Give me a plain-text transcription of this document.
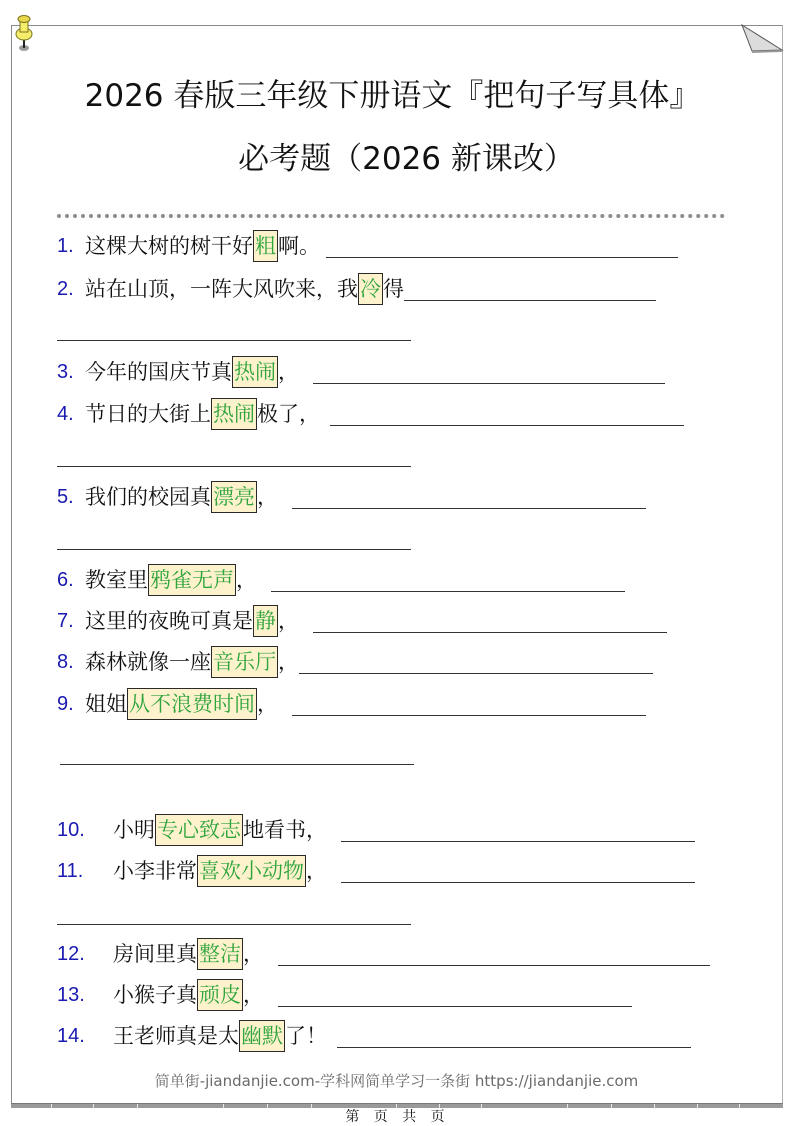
2026 春版三年级下册语文『把句子写具体』
必考题（2026 新课改）
1. 这棵大树的树干好 粗 啊。
2. 站在山顶，一阵大风吹来，我 冷 得
3. 今年的国庆节真 热闹 ，
4. 节日的大街上 热闹 极了，
5. 我们的校园真 漂亮 ，
6. 教室里 鸦雀无声 ，
7. 这里的夜晚可真是 静 ，
8. 森林就像一座 音乐厅 ，
9. 姐姐 从不浪费时间 ，
10.	小明 专心致志 地看书，
11.	小李非常 喜欢小动物 ，
12.	房间里真 整洁 ，
13.	小猴子真 顽皮 ，
14.	王老师真是太 幽默 了！
简单街-jiandanjie.com-学科网简单学习一条街 https://jiandanjie.com
第 页 共 页
